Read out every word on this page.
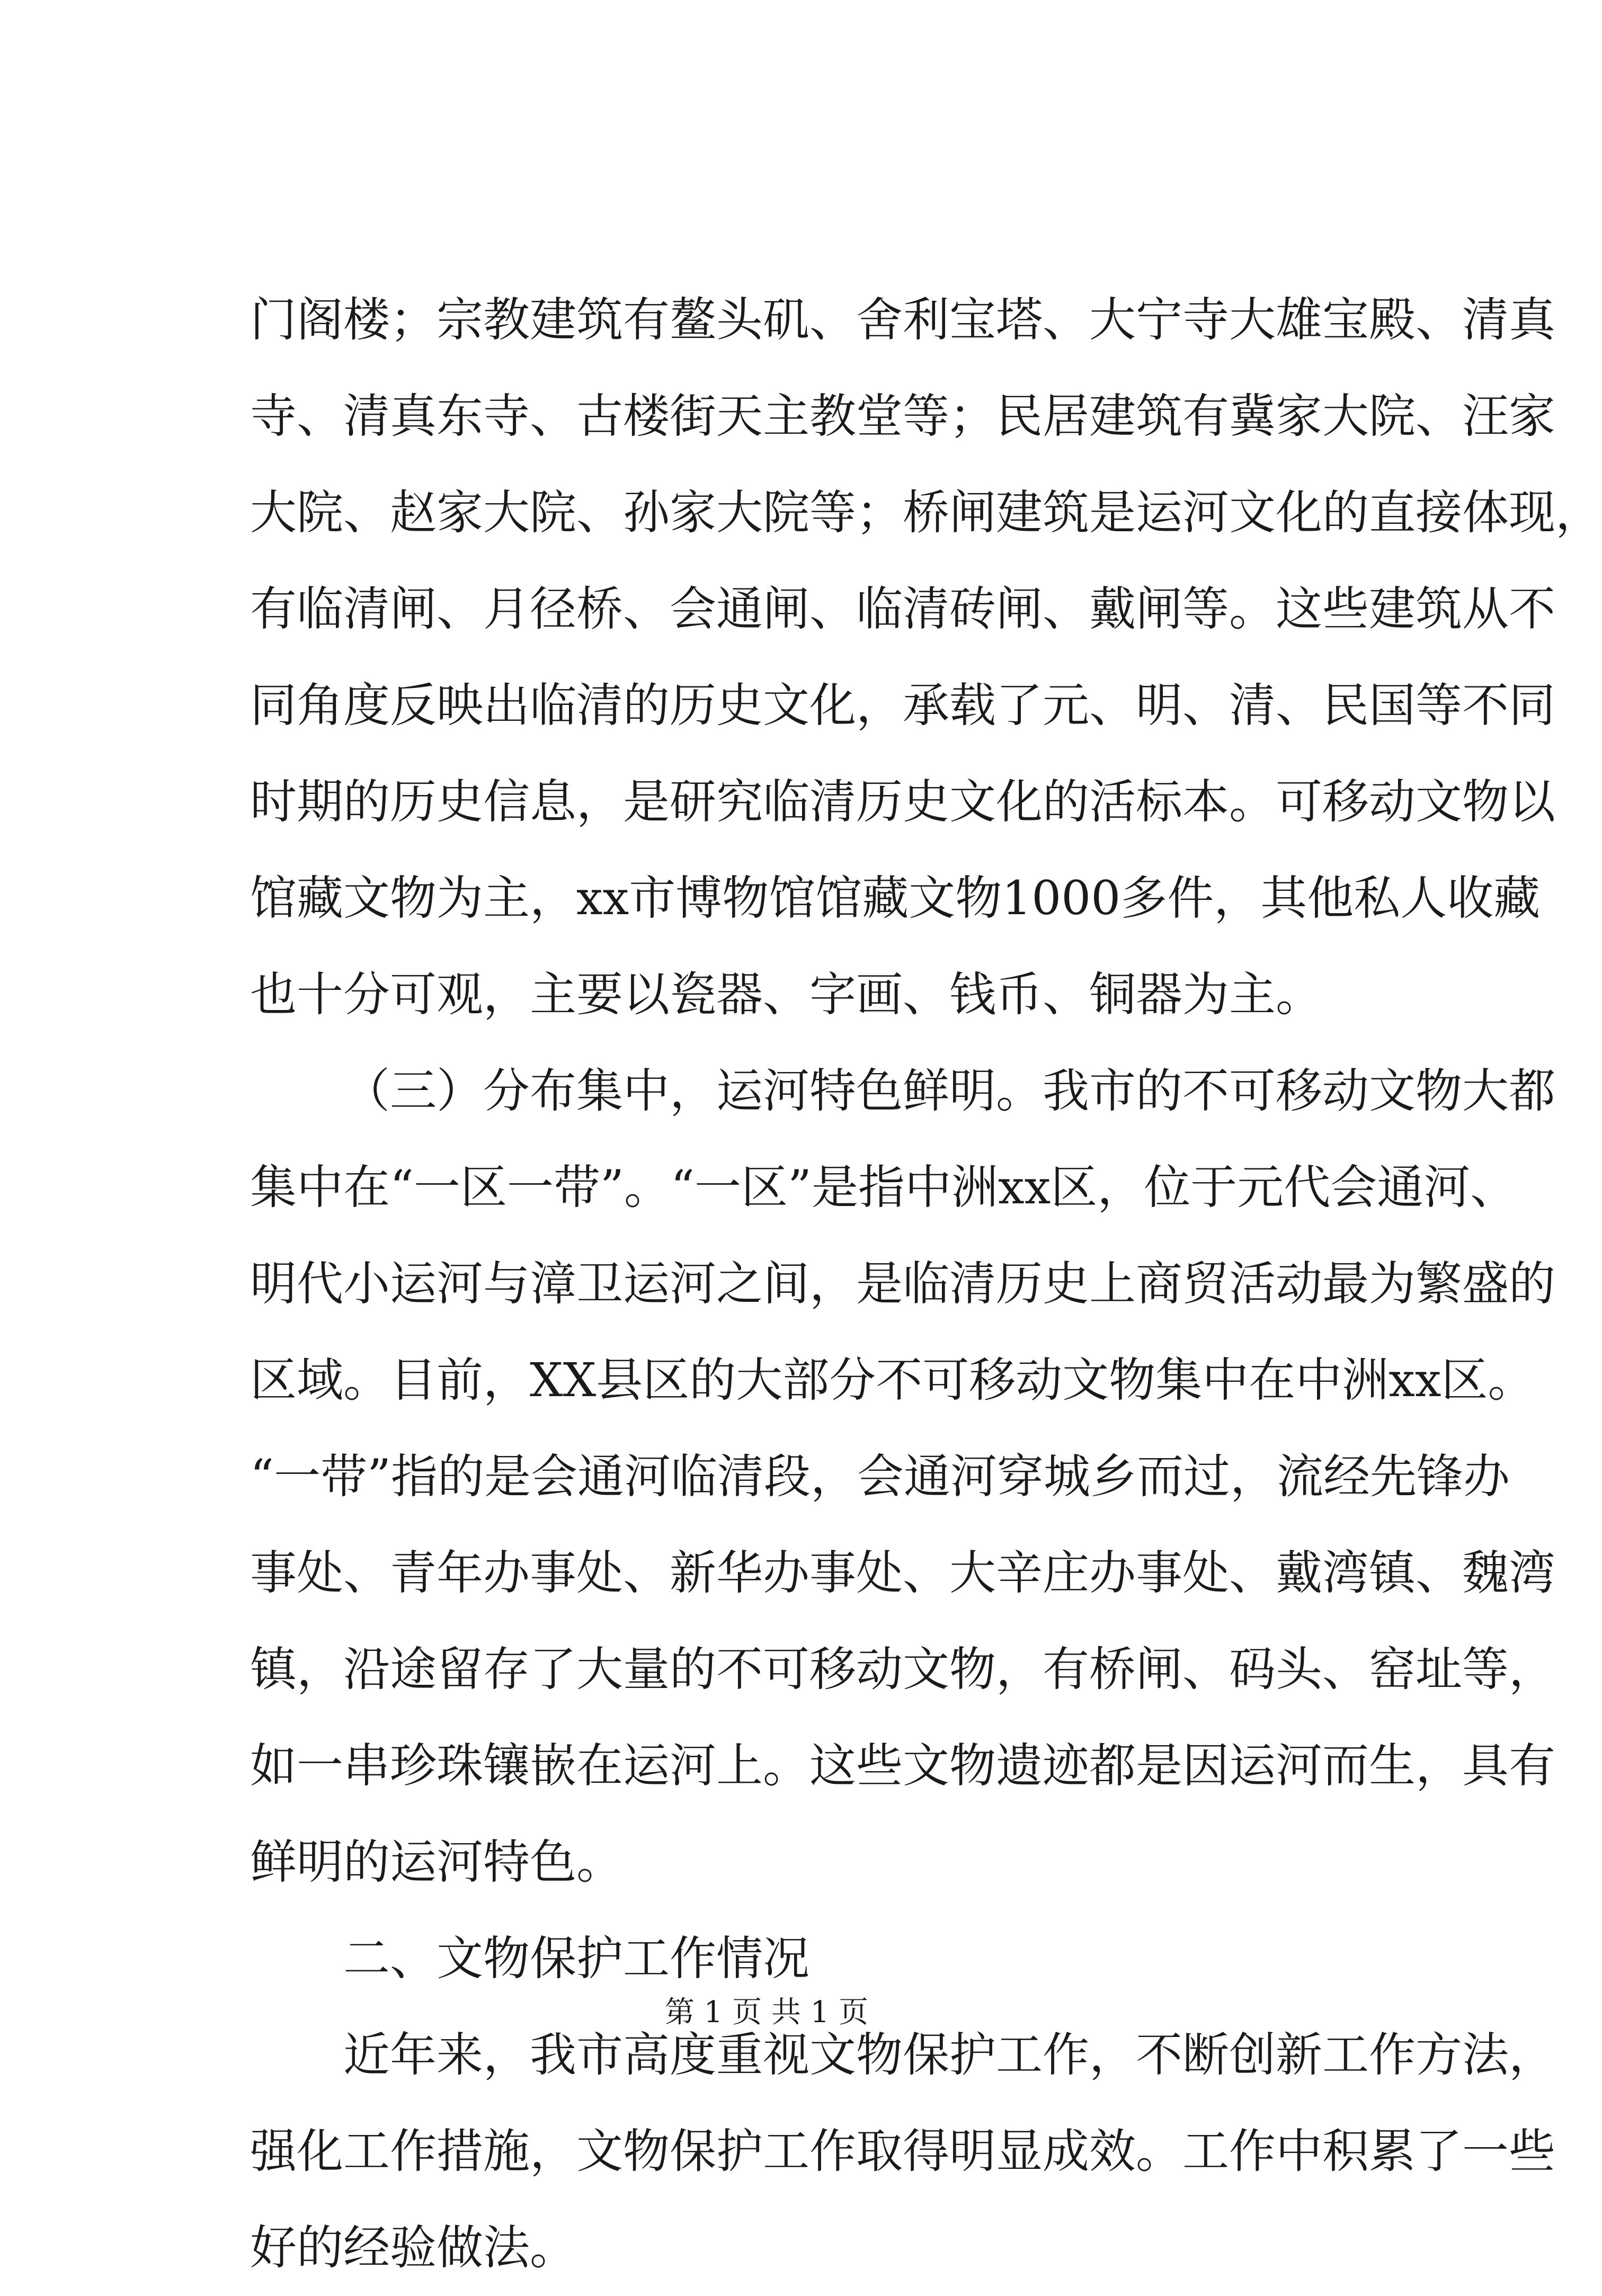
门阁楼；宗教建筑有鳌头矶、舍利宝塔、大宁寺大雄宝殿、清真
寺、清真东寺、古楼街天主教堂等；民居建筑有冀家大院、汪家
大院、赵家大院、孙家大院等；桥闸建筑是运河文化的直接体现，
有临清闸、月径桥、会通闸、临清砖闸、戴闸等。这些建筑从不
同角度反映出临清的历史文化，承载了元、明、清、民国等不同
时期的历史信息，是研究临清历史文化的活标本。可移动文物以
馆藏文物为主，xx市博物馆馆藏文物1000多件，其他私人收藏
也十分可观，主要以瓷器、字画、钱币、铜器为主。
（三）分布集中，运河特色鲜明。我市的不可移动文物大都
集中在“一区一带”。“一区”是指中洲xx区，位于元代会通河、
明代小运河与漳卫运河之间，是临清历史上商贸活动最为繁盛的
区域。目前，XX县区的大部分不可移动文物集中在中洲xx区。
“一带”指的是会通河临清段，会通河穿城乡而过，流经先锋办
事处、青年办事处、新华办事处、大辛庄办事处、戴湾镇、魏湾
镇，沿途留存了大量的不可移动文物，有桥闸、码头、窑址等，
如一串珍珠镶嵌在运河上。这些文物遗迹都是因运河而生，具有
鲜明的运河特色。
二、文物保护工作情况
近年来，我市高度重视文物保护工作，不断创新工作方法，
强化工作措施，文物保护工作取得明显成效。工作中积累了一些
好的经验做法。
第 1 页 共 1 页
